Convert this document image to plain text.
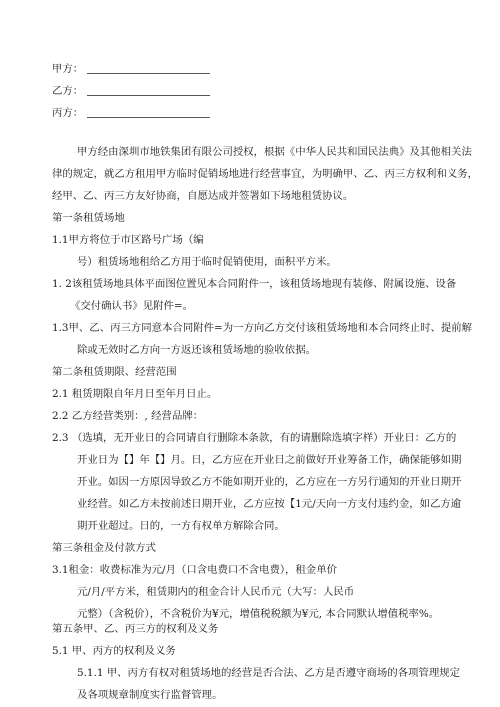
甲方：
乙方：
丙方：
甲方经由深圳市地铁集团有限公司授权，根据《中华人民共和国民法典》及其他相关法
律的规定，就乙方租用甲方临时促销场地进行经营事宜，为明确甲、乙、丙三方权利和义务，
经甲、乙、丙三方友好协商，自愿达成并签署如下场地租赁协议。
第一条租赁场地
1.1甲方将位于市区路号广场（编
号）租赁场地租给乙方用于临时促销使用，面积平方米。
1. 2该租赁场地具体平面图位置见本合同附件一，该租赁场地现有装修、附属设施、设备
《交付确认书》见附件=。
1.3甲、乙、丙三方同意本合同附件=为一方向乙方交付该租赁场地和本合同终止时、提前解
除或无效时乙方向一方返还该租赁场地的验收依据。
第二条租赁期限、经营范围
2.1 租赁期限自年月日至年月日止。
2.2 乙方经营类别：, 经营品牌：
2.3 （选填，无开业日的合同请自行删除本条款，有的请删除选填字样）开业日：乙方的
开业日为【】年【】月。日，乙方应在开业日之前做好开业筹备工作，确保能够如期
开业。如因一方原因导致乙方不能如期开业的，乙方应在一方另行通知的开业日期开
业经营。如乙方未按前述日期开业，乙方应按【1元/天向一方支付违约金，如乙方逾
期开业超过。日的，一方有权单方解除合同。
第三条租金及付款方式
3.1租金：收费标准为元/月（口含电费口不含电费），租金单价
元/月/平方米，租赁期内的租金合计人民币元（大写：人民币
元整）（含税价），不含税价为¥元，增值税税额为¥元, 本合同默认增值税率%。
第五条甲、乙、丙三方的权利及义务
5.1 甲、丙方的权利及义务
5.1.1 甲、丙方有权对租赁场地的经营是否合法、乙方是否遵守商场的各项管理规定
及各项规章制度实行监督管理。
